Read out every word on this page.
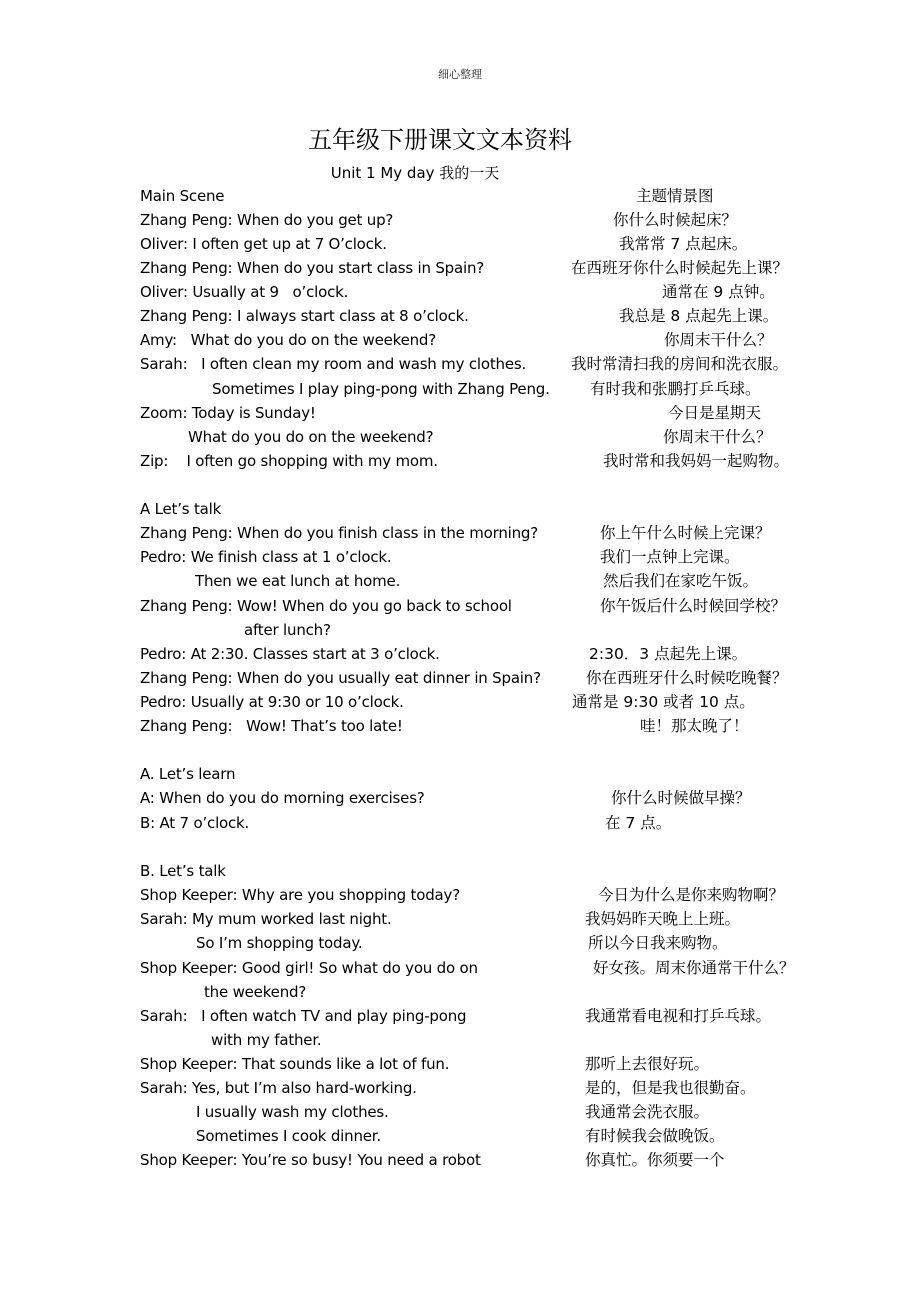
细心整理
五年级下册课文文本资料
Unit 1 My day 我的一天
Main Scene	主题情景图
Zhang Peng: When do you get up?	你什么时候起床？
Oliver: I often get up at 7 O’clock.	我常常 7 点起床。
Zhang Peng: When do you start class in Spain?	在西班牙你什么时候起先上课？
Oliver: Usually at 9   o’clock.	通常在 9 点钟。
Zhang Peng: I always start class at 8 o’clock.	我总是 8 点起先上课。
Amy:   What do you do on the weekend?	你周末干什么？
Sarah:   I often clean my room and wash my clothes.	我时常清扫我的房间和洗衣服。
Sometimes I play ping-pong with Zhang Peng.	有时我和张鹏打乒乓球。
Zoom: Today is Sunday!	今日是星期天
What do you do on the weekend?	你周末干什么？
Zip:    I often go shopping with my mom.	我时常和我妈妈一起购物。
A Let’s talk
Zhang Peng: When do you finish class in the morning?	你上午什么时候上完课？
Pedro: We finish class at 1 o’clock.	我们一点钟上完课。
Then we eat lunch at home.	然后我们在家吃午饭。
Zhang Peng: Wow! When do you go back to school	你午饭后什么时候回学校？
after lunch?
Pedro: At 2:30. Classes start at 3 o’clock.	2:30．3 点起先上课。
Zhang Peng: When do you usually eat dinner in Spain?	你在西班牙什么时候吃晚餐？
Pedro: Usually at 9:30 or 10 o’clock.	通常是 9:30 或者 10 点。
Zhang Peng:   Wow! That’s too late!	哇！那太晚了！
A. Let’s learn
A: When do you do morning exercises?	你什么时候做早操？
B: At 7 o’clock.	在 7 点。
B. Let’s talk
Shop Keeper: Why are you shopping today?	今日为什么是你来购物啊？
Sarah: My mum worked last night.	我妈妈昨天晚上上班。
So I’m shopping today.	所以今日我来购物。
Shop Keeper: Good girl! So what do you do on	好女孩。周末你通常干什么？
the weekend?
Sarah:   I often watch TV and play ping-pong	我通常看电视和打乒乓球。
with my father.
Shop Keeper: That sounds like a lot of fun.	那听上去很好玩。
Sarah: Yes, but I’m also hard-working.	是的，但是我也很勤奋。
I usually wash my clothes.	我通常会洗衣服。
Sometimes I cook dinner.	有时候我会做晚饭。
Shop Keeper: You’re so busy! You need a robot	你真忙。你须要一个
